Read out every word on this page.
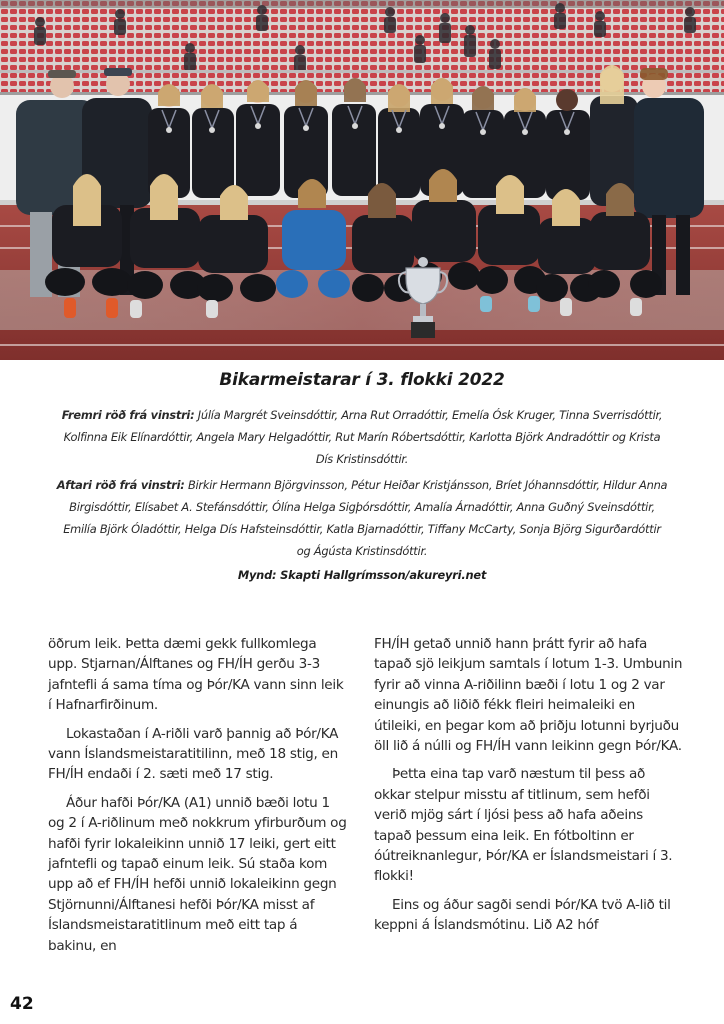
Bikarmeistarar í 3. flokki 2022
Fremri röð frá vinstri: Júlía Margrét Sveinsdóttir, Arna Rut Orradóttir, Emelía Ósk Kruger, Tinna Sverrisdóttir, Kolfinna Eik Elínardóttir, Angela Mary Helgadóttir, Rut Marín Róbertsdóttir, Karlotta Björk Andradóttir og Krista Dís Kristinsdóttir.
Aftari röð frá vinstri: Birkir Hermann Björgvinsson, Pétur Heiðar Kristjánsson, Bríet Jóhannsdóttir, Hildur Anna Birgisdóttir, Elísabet A. Stefánsdóttir, Ólína Helga Sigþórsdóttir, Amalía Árnadóttir, Anna Guðný Sveinsdóttir, Emilía Björk Óladóttir, Helga Dís Hafsteinsdóttir, Katla Bjarnadóttir, Tiffany McCarty, Sonja Björg Sigurðardóttir og Ágústa Kristinsdóttir.
Mynd: Skapti Hallgrímsson/akureyri.net

öðrum leik. Þetta dæmi gekk fullkomlega upp. Stjarnan/Álftanes og FH/ÍH gerðu 3-3 jafntefli á sama tíma og Þór/KA vann sinn leik í Hafnarfirðinum.

Lokastaðan í A-riðli varð þannig að Þór/KA vann Íslandsmeistaratitilinn, með 18 stig, en FH/ÍH endaði í 2. sæti með 17 stig.

Áður hafði Þór/KA (A1) unnið bæði lotu 1 og 2 í A-riðlinum með nokkrum yfirburðum og hafði fyrir lokaleikinn unnið 17 leiki, gert eitt jafntefli og tapað einum leik. Sú staða kom upp að ef FH/ÍH hefði unnið lokaleikinn gegn Stjörnunni/Álftanesi hefði Þór/KA misst af Íslandsmeistaratitlinum með eitt tap á bakinu, en

FH/ÍH getað unnið hann þrátt fyrir að hafa tapað sjö leikjum samtals í lotum 1-3. Umbunin fyrir að vinna A-riðilinn bæði í lotu 1 og 2 var einungis að liðið fékk fleiri heimaleiki en útileiki, en þegar kom að þriðju lotunni byrjuðu öll lið á núlli og FH/ÍH vann leikinn gegn Þór/KA.

Þetta eina tap varð næstum til þess að okkar stelpur misstu af titlinum, sem hefði verið mjög sárt í ljósi þess að hafa aðeins tapað þessum eina leik. En fótboltinn er óútreiknanlegur, Þór/KA er Íslandsmeistari í 3. flokki!

Eins og áður sagði sendi Þór/KA tvö A-lið til keppni á Íslandsmótinu. Lið A2 hóf

42
